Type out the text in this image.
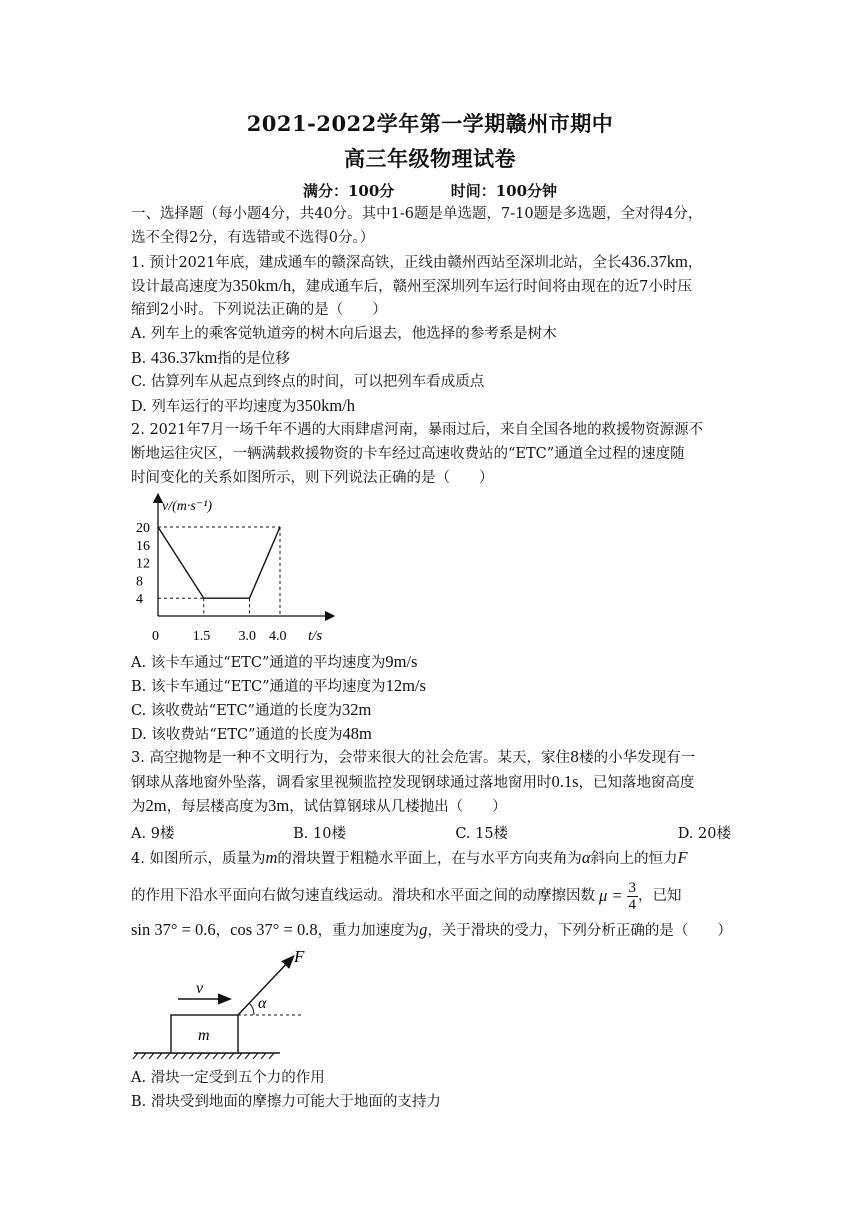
2021-2022学年第一学期赣州市期中
高三年级物理试卷
满分：100分	时间：100分钟
一、选择题（每小题4分，共40分。其中1-6题是单选题，7-10题是多选题，全对得4分，
选不全得2分，有选错或不选得0分。）
1. 预计2021年底，建成通车的赣深高铁，正线由赣州西站至深圳北站，全长436.37km，
设计最高速度为350km/h，建成通车后，赣州至深圳列车运行时间将由现在的近7小时压
缩到2小时。下列说法正确的是（　　）
A. 列车上的乘客觉轨道旁的树木向后退去，他选择的参考系是树木
B. 436.37km指的是位移
C. 估算列车从起点到终点的时间，可以把列车看成质点
D. 列车运行的平均速度为350km/h
2. 2021年7月一场千年不遇的大雨肆虐河南，暴雨过后，来自全国各地的救援物资源源不
断地运往灾区，一辆满载救援物资的卡车经过高速收费站的“ETC”通道全过程的速度随
时间变化的关系如图所示，则下列说法正确的是（　　）
v/(m·s⁻¹)
t/s
0
20
16
12
8
4
1.5 3.0 4.0
A. 该卡车通过“ETC”通道的平均速度为9m/s
B. 该卡车通过“ETC”通道的平均速度为12m/s
C. 该收费站“ETC”通道的长度为32m
D. 该收费站“ETC”通道的长度为48m
3. 高空抛物是一种不文明行为，会带来很大的社会危害。某天，家住8楼的小华发现有一
钢球从落地窗外坠落，调看家里视频监控发现钢球通过落地窗用时0.1s，已知落地窗高度
为2m，每层楼高度为3m，试估算钢球从几楼抛出（　　）
A. 9楼	B. 10楼	C. 15楼	D. 20楼
4. 如图所示，质量为m的滑块置于粗糙水平面上，在与水平方向夹角为α斜向上的恒力F
的作用下沿水平面向右做匀速直线运动。滑块和水平面之间的动摩擦因数 $\mu = \frac{3}{4}$ ，已知
sin 37° = 0.6，cos 37° = 0.8，重力加速度为g，关于滑块的受力，下列分析正确的是（　　）
m
v
F
α
A. 滑块一定受到五个力的作用
B. 滑块受到地面的摩擦力可能大于地面的支持力
